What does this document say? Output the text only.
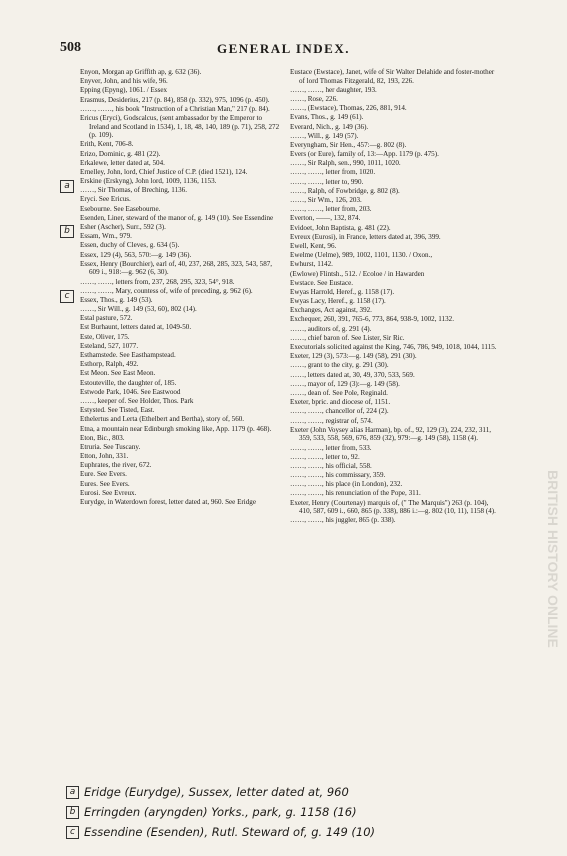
508	GENERAL INDEX.
Enyon, Morgan ap Griffith ap, g. 632 (36).
Enyver, John, and his wife, 96.
Epping (Epyng), 1061. / Essex
Erasmus, Desiderius, 217 (p. 84), 858 (p. 332), 975, 1096 (p. 450).
……, ……, his book "Instruction of a Christian Man," 217 (p. 84).
Ericus (Eryci), Godscalcus, (sent ambassador by the Emperor to Ireland and Scotland in 1534), 1, 18, 48, 140, 189 (p. 71), 258, 272 (p. 109).
Erith, Kent, 706-8.
Erizo, Dominic, g. 481 (22).
Erkalewe, letter dated at, 504.
Ernelley, John, lord, Chief Justice of C.P. (died 1521), 124.
Erskine (Erskyng), John lord, 1009, 1136, 1153.
……, Sir Thomas, of Breching, 1136.
Eryci. See Ericus.
Esebourne. See Easebourne.
Esenden, Liner, steward of the manor of, g. 149 (10). See Essendine
Esher (Ascher), Surr., 592 (3).
Essam, Wm., 979.
Essen, duchy of Cleves, g. 634 (5).
Essex, 129 (4), 563, 570:—g. 149 (36).
Essex, Henry (Bourchier), earl of, 40, 237, 268, 285, 323, 543, 587, 609 i., 918:—g. 962 (6, 30).
……, ……, letters from, 237, 268, 295, 323, 54°, 918.
……, ……, Mary, countess of, wife of preceding, g. 962 (6).
Essex, Thos., g. 149 (53).
……, Sir Will., g. 149 (53, 60), 802 (14).
Estal pasture, 572.
Est Burhaunt, letters dated at, 1049-50.
Este, Oliver, 175.
Esteland, 527, 1077.
Esthamstede. See Easthampstead.
Esthorp, Ralph, 492.
Est Meon. See East Meon.
Estouteville, the daughter of, 185.
Estwode Park, 1046. See Eastwood
……, keeper of. See Holder, Thos. Park
Estysted. See Tisted, East.
Ethelertus and Lerta (Ethelbert and Bertha), story of, 560.
Etna, a mountain near Edinburgh smoking like, App. 1179 (p. 468).
Eton, Bic., 803.
Etruria. See Tuscany.
Etton, John, 331.
Euphrates, the river, 672.
Eure. See Evers.
Eures. See Evers.
Eurosi. See Evreux.
Eurydge, in Waterdown forest, letter dated at, 960. See Eridge
Eustace (Ewstace), Janet, wife of Sir Walter Delahide and foster-mother of lord Thomas Fitzgerald, 82, 193, 226.
……, ……, her daughter, 193.
……, Rose, 226.
……, (Ewstace), Thomas, 226, 881, 914.
Evans, Thos., g. 149 (61).
Everard, Nich., g. 149 (36).
……, Will., g. 149 (57).
Everyngham, Sir Hen., 457:—g. 802 (8).
Evers (or Eure), family of, 13:—App. 1179 (p. 475).
……, Sir Ralph, sen., 990, 1011, 1020.
……, ……, letter from, 1020.
……, ……, letter to, 990.
……, Ralph, of Fowbridge, g. 802 (8).
……, Sir Wm., 126, 203.
……, ……, letter from, 203.
Everton, ——, 132, 874.
Evidoet, John Baptista, g. 481 (22).
Evreux (Eurosi), in France, letters dated at, 396, 399.
Ewell, Kent, 96.
Ewelme (Uelme), 989, 1002, 1101, 1130. / Oxon.,
Ewhurst, 1142.
(Ewlowe) Flintsh., 512. / Ecoloe / in Hawarden
Ewstace. See Eustace.
Ewyas Harrold, Heref., g. 1158 (17).
Ewyas Lacy, Heref., g. 1158 (17).
Exchanges, Act against, 392.
Exchequer, 260, 391, 765-6, 773, 864, 938-9, 1002, 1132.
……, auditors of, g. 291 (4).
……, chief baron of. See Lister, Sir Ric.
Executorials solicited against the King, 746, 786, 949, 1018, 1044, 1115.
Exeter, 129 (3), 573:—g. 149 (58), 291 (30).
……, grant to the city, g. 291 (30).
……, letters dated at, 30, 49, 370, 533, 569.
……, mayor of, 129 (3):—g. 149 (58).
……, dean of. See Pole, Reginald.
Exeter, bpric. and diocese of, 1151.
……, ……, chancellor of, 224 (2).
……, ……, registrar of, 574.
Exeter (John Voysey alias Harman), bp. of., 92, 129 (3), 224, 232, 311, 359, 533, 558, 569, 676, 859 (32), 979:—g. 149 (58), 1158 (4).
……, ……, letter from, 533.
……, ……, letter to, 92.
……, ……, his official, 558.
……, ……, his commissary, 359.
……, ……, his place (in London), 232.
……, ……, his renunciation of the Pope, 311.
Exeter, Henry (Courtenay) marquis of, (" The Marquis") 263 (p. 104), 410, 587, 609 i., 660, 865 (p. 338), 886 i.:—g. 802 (10, 11), 1158 (4).
……, ……, his juggler, 865 (p. 338).
a
b
c
BRITISH HISTORY ONLINE
a Eridge (Eurydge), Sussex, letter dated at, 960
b Erringden (aryngden) Yorks., park, g. 1158 (16)
c Essendine (Esenden), Rutl. Steward of, g. 149 (10)
